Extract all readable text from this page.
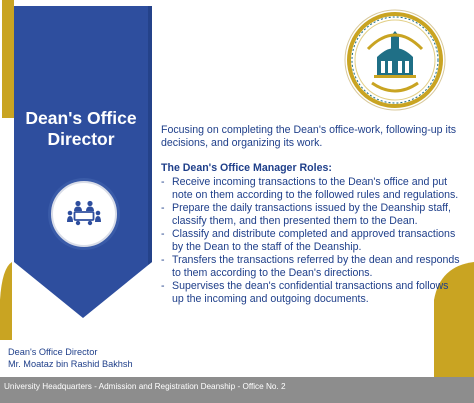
Dean's Office Director	Focusing on completing the Dean's office-work, following-up its decisions, and organizing its work.

The Dean's Office Manager Roles:

- Receive incoming transactions to the Dean's office and put note on them according to the followed rules and regulations.
- Prepare the daily transactions issued by the Deanship staff, classify them, and then presented them to the Dean.
- Classify and distribute completed and approved transactions by the Dean to the staff of the Deanship.
- Transfers the transactions referred by the dean and responds to them according to the Dean's directions.
- Supervises the dean's confidential transactions and follows up the incoming and outgoing documents.
Dean's Office Director
Mr. Moataz bin Rashid Bakhsh
University Headquarters - Admission and Registration Deanship - Office No. 2
